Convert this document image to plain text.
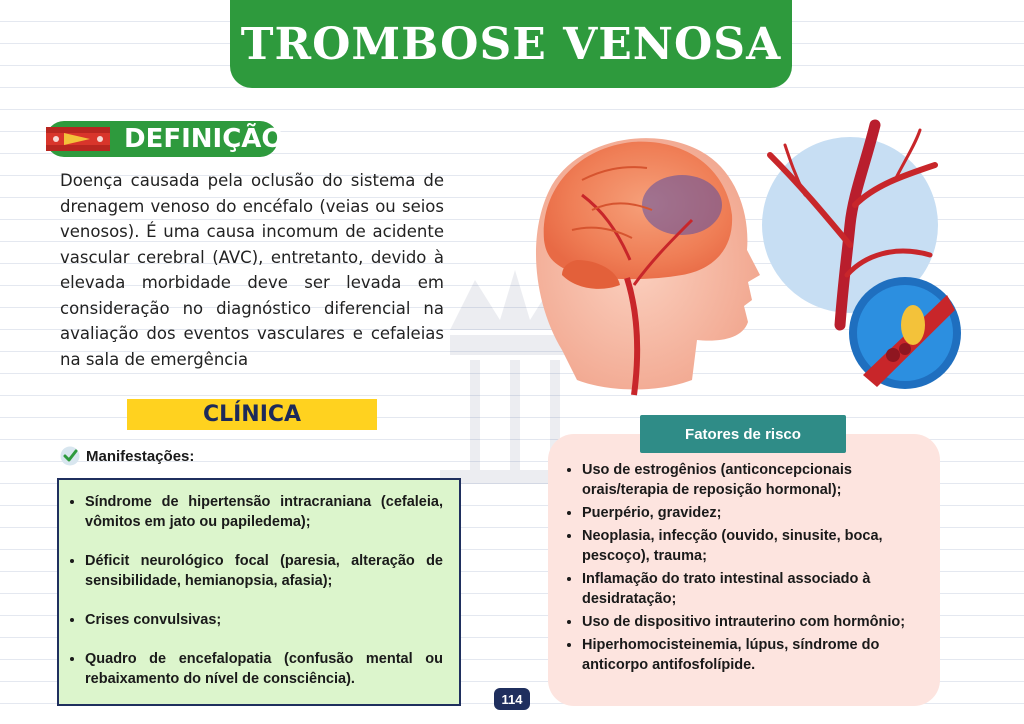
TROMBOSE VENOSA
DEFINIÇÃO
Doença causada pela oclusão do sistema de drenagem venoso do encéfalo (veias ou seios venosos). É uma causa incomum de acidente vascular cerebral (AVC), entretanto, devido à elevada morbidade deve ser levada em consideração no diagnóstico diferencial na avaliação dos eventos vasculares e cefaleias na sala de emergência
CLÍNICA
Manifestações:
• Síndrome de hipertensão intracraniana (cefaleia, vômitos em jato ou papiledema);
• Déficit neurológico focal (paresia, alteração de sensibilidade, hemianopsia, afasia);
• Crises convulsivas;
• Quadro de encefalopatia (confusão mental ou rebaixamento do nível de consciência).
Fatores de risco
• Uso de estrogênios (anticoncepcionais orais/terapia de reposição hormonal);
• Puerpério, gravidez;
• Neoplasia, infecção (ouvido, sinusite, boca, pescoço), trauma;
• Inflamação do trato intestinal associado à desidratação;
• Uso de dispositivo intrauterino com hormônio;
• Hiperhomocisteinemia, lúpus, síndrome do anticorpo antifosfolípide.
114
